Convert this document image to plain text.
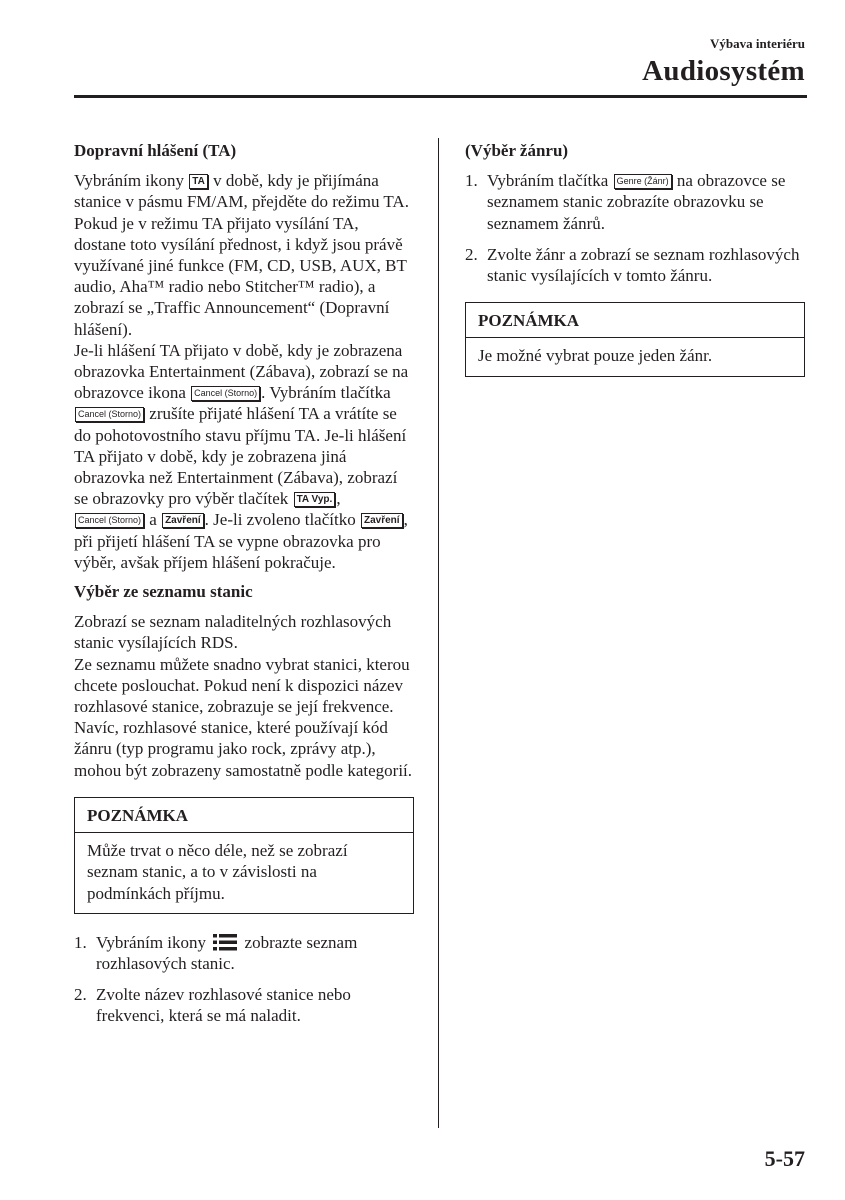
Výbava interiéru
Audiosystém
Dopravní hlášení (TA)

Vybráním ikony TA v době, kdy je přijímána stanice v pásmu FM/AM, přejděte do režimu TA.

Pokud je v režimu TA přijato vysílání TA, dostane toto vysílání přednost, i když jsou právě využívané jiné funkce (FM, CD, USB, AUX, BT audio, Aha™ radio nebo Stitcher™ radio), a zobrazí se „Traffic Announcement“ (Dopravní hlášení).

Je-li hlášení TA přijato v době, kdy je zobrazena obrazovka Entertainment (Zábava), zobrazí se na obrazovce ikona Cancel (Storno) . Vybráním tlačítka Cancel (Storno) zrušíte přijaté hlášení TA a vrátíte se do pohotovostního stavu příjmu TA. Je-li hlášení TA přijato v době, kdy je zobrazena jiná obrazovka než Entertainment (Zábava), zobrazí se obrazovky pro výběr tlačítek TA Vyp. , Cancel (Storno) a Zavření . Je-li zvoleno tlačítko Zavření , při přijetí hlášení TA se vypne obrazovka pro výběr, avšak příjem hlášení pokračuje.

Výběr ze seznamu stanic

Zobrazí se seznam naladitelných rozhlasových stanic vysílajících RDS.

Ze seznamu můžete snadno vybrat stanici, kterou chcete poslouchat. Pokud není k dispozici název rozhlasové stanice, zobrazuje se její frekvence. Navíc, rozhlasové stanice, které používají kód žánru (typ programu jako rock, zprávy atp.), mohou být zobrazeny samostatně podle kategorií.

POZNÁMKA
Může trvat o něco déle, než se zobrazí seznam stanic, a to v závislosti na podmínkách příjmu.
1. Vybráním ikony zobrazte seznam rozhlasových stanic.
2. Zvolte název rozhlasové stanice nebo frekvenci, která se má naladit.
(Výběr žánru)
1. Vybráním tlačítka Genre (Žánr) na obrazovce se seznamem stanic zobrazíte obrazovku se seznamem žánrů.
2. Zvolte žánr a zobrazí se seznam rozhlasových stanic vysílajících v tomto žánru.
POZNÁMKA
Je možné vybrat pouze jeden žánr.
5-57
